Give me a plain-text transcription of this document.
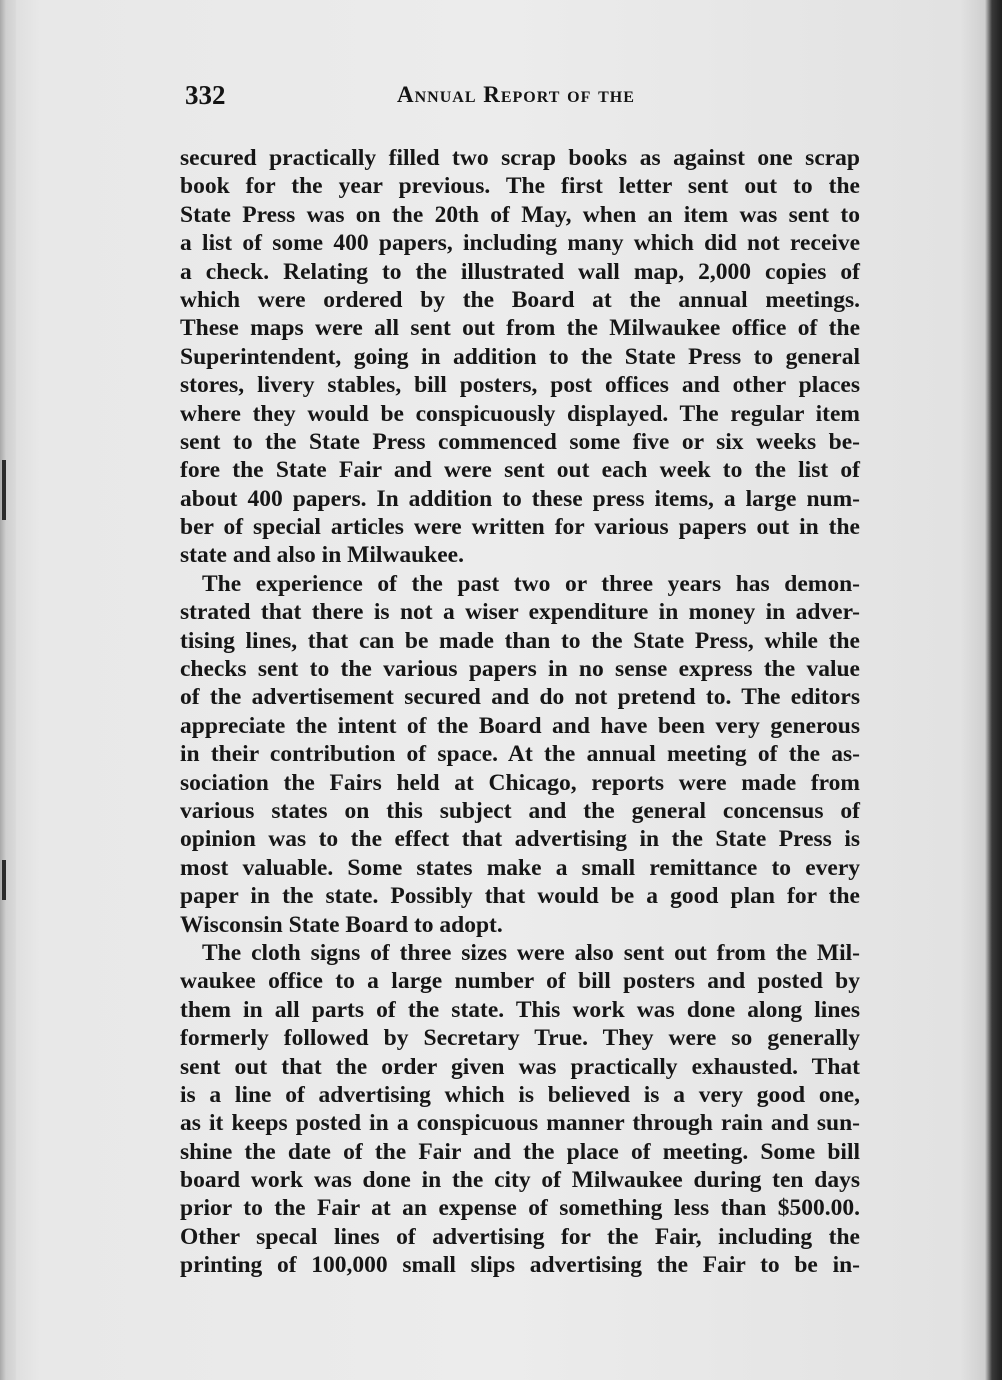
332	Annual Report of the
secured practically filled two scrap books as against one scrap
book for the year previous. The first letter sent out to the
State Press was on the 20th of May, when an item was sent to
a list of some 400 papers, including many which did not receive
a check. Relating to the illustrated wall map, 2,000 copies of
which were ordered by the Board at the annual meetings.
These maps were all sent out from the Milwaukee office of the
Superintendent, going in addition to the State Press to general
stores, livery stables, bill posters, post offices and other places
where they would be conspicuously displayed. The regular item
sent to the State Press commenced some five or six weeks be-
fore the State Fair and were sent out each week to the list of
about 400 papers. In addition to these press items, a large num-
ber of special articles were written for various papers out in the
state and also in Milwaukee.
The experience of the past two or three years has demon-
strated that there is not a wiser expenditure in money in adver-
tising lines, that can be made than to the State Press, while the
checks sent to the various papers in no sense express the value
of the advertisement secured and do not pretend to. The editors
appreciate the intent of the Board and have been very generous
in their contribution of space. At the annual meeting of the as-
sociation the Fairs held at Chicago, reports were made from
various states on this subject and the general concensus of
opinion was to the effect that advertising in the State Press is
most valuable. Some states make a small remittance to every
paper in the state. Possibly that would be a good plan for the
Wisconsin State Board to adopt.
The cloth signs of three sizes were also sent out from the Mil-
waukee office to a large number of bill posters and posted by
them in all parts of the state. This work was done along lines
formerly followed by Secretary True. They were so generally
sent out that the order given was practically exhausted. That
is a line of advertising which is believed is a very good one,
as it keeps posted in a conspicuous manner through rain and sun-
shine the date of the Fair and the place of meeting. Some bill
board work was done in the city of Milwaukee during ten days
prior to the Fair at an expense of something less than $500.00.
Other specal lines of advertising for the Fair, including the
printing of 100,000 small slips advertising the Fair to be in-
